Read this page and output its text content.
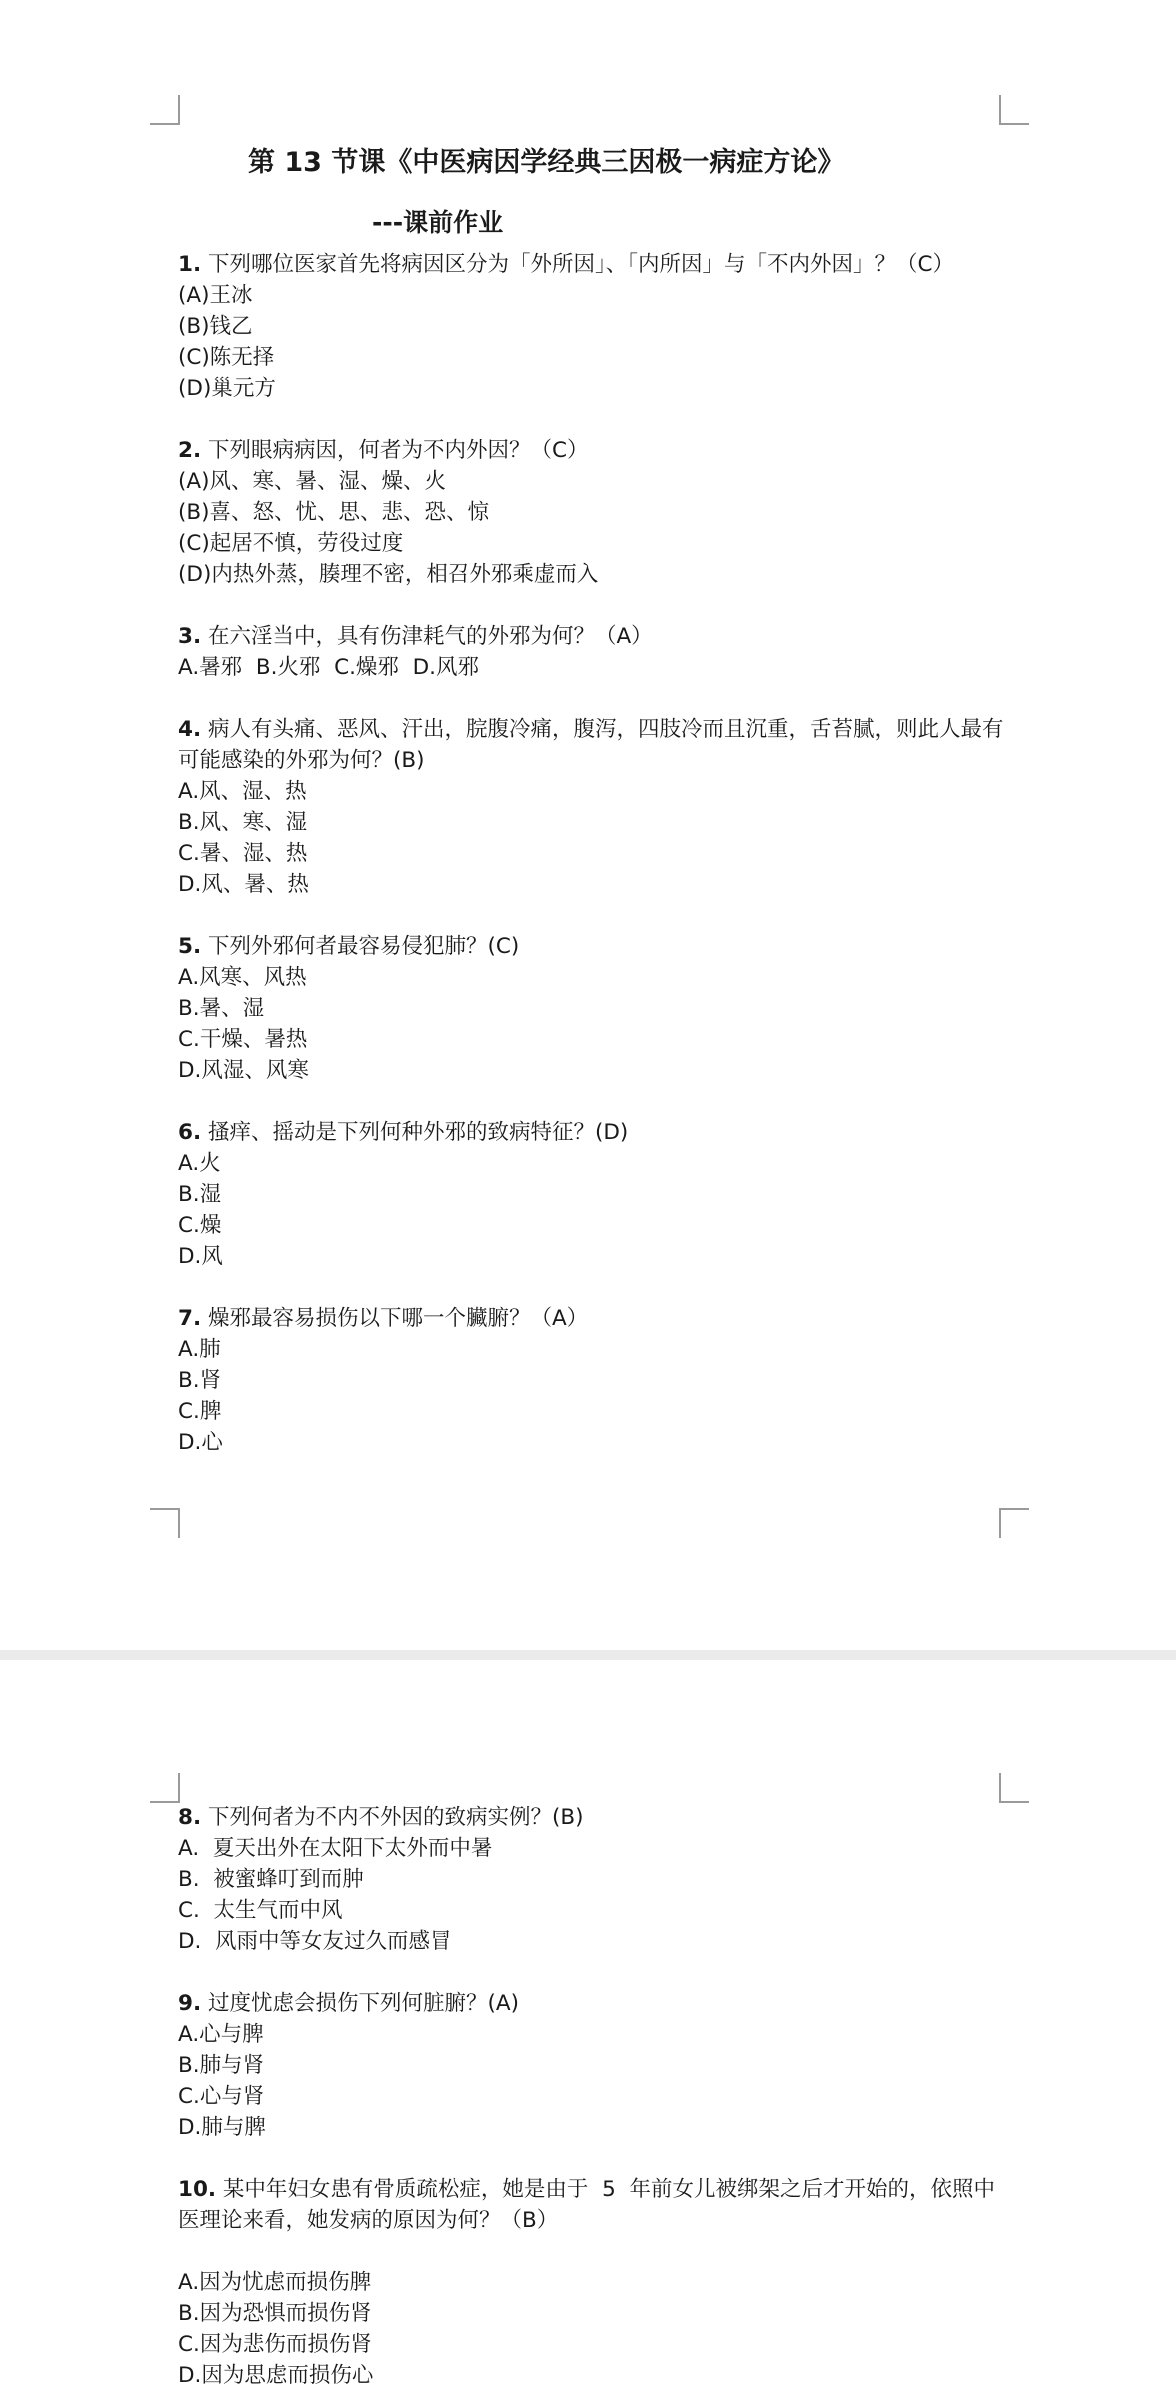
第 13 节课《中医病因学经典三因极一病症方论》
---课前作业

1. 下列哪位医家首先将病因区分为「外所因」、「内所因」与「不内外因」？（C）

(A)王冰

(B)钱乙

(C)陈无择

(D)巢元方

2. 下列眼病病因，何者为不内外因？（C）

(A)风、寒、暑、湿、燥、火

(B)喜、怒、忧、思、悲、恐、惊

(C)起居不慎，劳役过度

(D)内热外蒸，腠理不密，相召外邪乘虚而入

3. 在六淫当中，具有伤津耗气的外邪为何？（A）

A.暑邪  B.火邪  C.燥邪  D.风邪

4. 病人有头痛、恶风、汗出，脘腹冷痛，腹泻，四肢冷而且沉重，舌苔腻，则此人最有可能感染的外邪为何？(B)

A.风、湿、热

B.风、寒、湿

C.暑、湿、热

D.风、暑、热

5. 下列外邪何者最容易侵犯肺？(C)

A.风寒、风热

B.暑、湿

C.干燥、暑热

D.风湿、风寒

6. 搔痒、摇动是下列何种外邪的致病特征？(D)

A.火

B.湿

C.燥

D.风

7. 燥邪最容易损伤以下哪一个臟腑？（A）

A.肺

B.肾

C.脾

D.心

8. 下列何者为不内不外因的致病实例？(B)

A.  夏天出外在太阳下太外而中暑

B.  被蜜蜂叮到而肿

C.  太生气而中风

D.  风雨中等女友过久而感冒

9. 过度忧虑会损伤下列何脏腑？(A)

A.心与脾

B.肺与肾

C.心与肾

D.肺与脾

10. 某中年妇女患有骨质疏松症，她是由于  5  年前女儿被绑架之后才开始的，依照中医理论来看，她发病的原因为何？（B）

A.因为忧虑而损伤脾

B.因为恐惧而损伤肾

C.因为悲伤而损伤肾

D.因为思虑而损伤心
